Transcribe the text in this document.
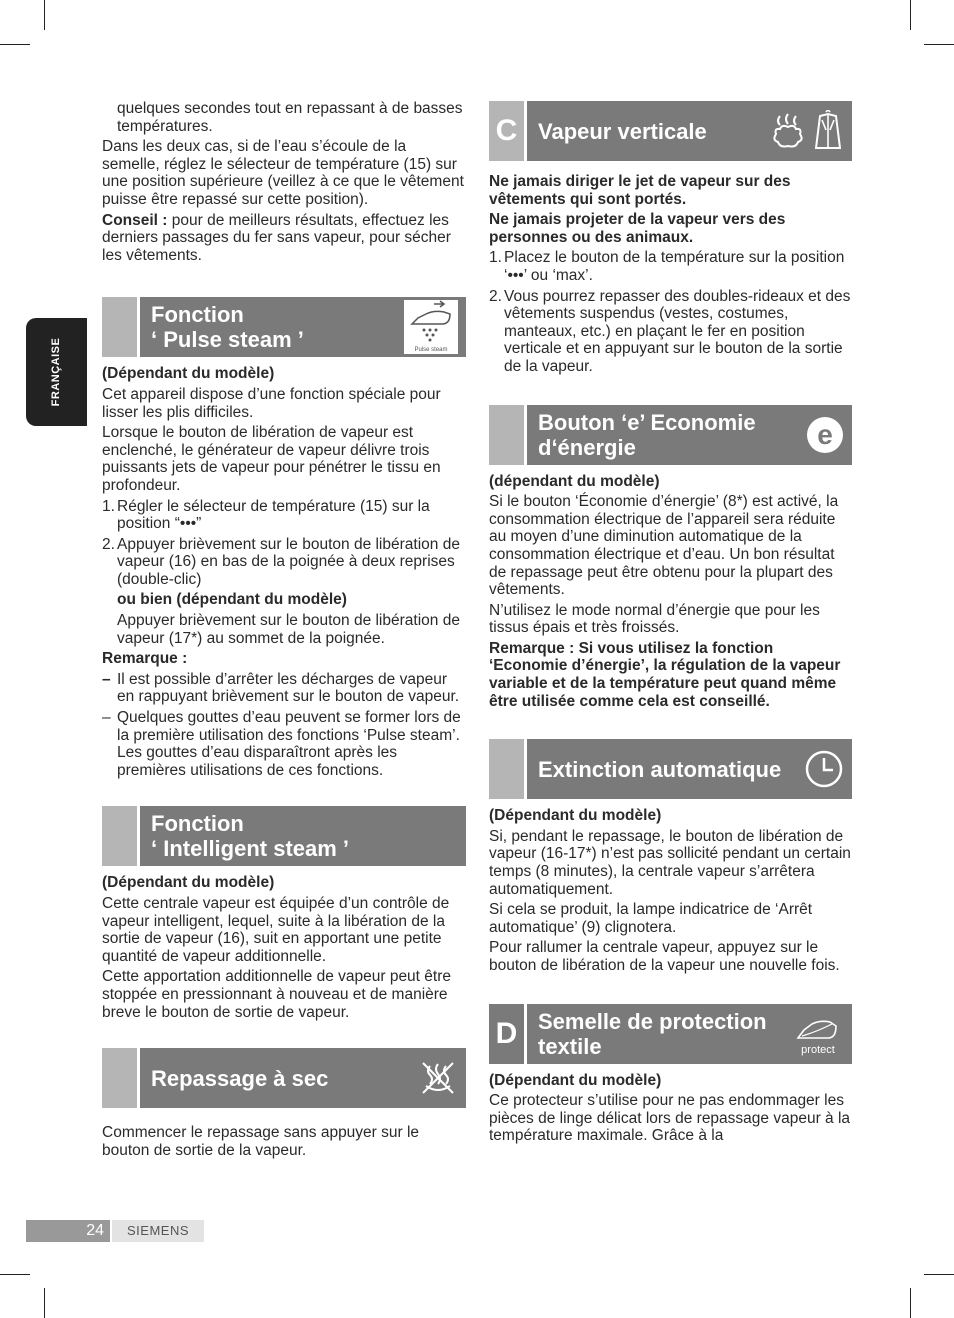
FRANÇAISE

quelques secondes tout en repassant à de basses températures.

Dans les deux cas, si de l’eau s’écoule de la semelle, réglez le sélecteur de température (15) sur une position supérieure (veillez à ce que le vêtement puisse être repassé sur cette position).

Conseil : pour de meilleurs résultats, effectuez les derniers passages du fer sans vapeur, pour sécher les vêtements.

Fonction
‘ Pulse steam ’	Pulse steam

(Dépendant du modèle)

Cet appareil dispose d’une fonction spéciale pour lisser les plis difficiles.

Lorsque le bouton de libération de vapeur est enclenché, le générateur de vapeur délivre trois puissants jets de vapeur pour pénétrer le tissu en profondeur.

1. Régler le sélecteur de température (15) sur la position “•••”
2. Appuyer brièvement sur le bouton de libération de vapeur (16) en bas de la poignée à deux reprises (double-clic)

ou bien (dépendant du modèle)

Appuyer brièvement sur le bouton de libération de vapeur (17*) au sommet de la poignée.

Remarque :

– Il est possible d’arrêter les décharges de vapeur en rappuyant brièvement sur le bouton de vapeur.
– Quelques gouttes d’eau peuvent se former lors de la première utilisation des fonctions ‘Pulse steam’. Les gouttes d’eau disparaîtront après les premières utilisations de ces fonctions.
Fonction
‘ Intelligent steam ’

(Dépendant du modèle)

Cette centrale vapeur est équipée d’un contrôle de vapeur intelligent, lequel, suite à la libération de la sortie de vapeur (16), suit en apportant une petite quantité de vapeur additionnelle.

Cette apportation additionnelle de vapeur peut être stoppée en pressionnant à nouveau et de manière breve le bouton de sortie de vapeur.

Repassage à sec

Commencer le repassage sans appuyer sur le bouton de sortie de la vapeur.

C Vapeur verticale

Ne jamais diriger le jet de vapeur sur des vêtements qui sont portés.

Ne jamais projeter de la vapeur vers des personnes ou des animaux.

1. Placez le bouton de la température sur la position ‘•••’ ou ‘max’.
2. Vous pourrez repasser des doubles-rideaux et des vêtements suspendus (vestes, costumes, manteaux, etc.) en plaçant le fer en position verticale et en appuyant sur le bouton de la sortie de la vapeur.
Bouton ‘e’ Economie
d‘énergie	e

(dépendant du modèle)

Si le bouton ‘Économie d’énergie’ (8*) est activé, la consommation électrique de l’appareil sera réduite au moyen d’une diminution automatique de la consommation électrique et d’eau. Un bon résultat de repassage peut être obtenu pour la plupart des vêtements.

N’utilisez le mode normal d’énergie que pour les tissus épais et très froissés.

Remarque : Si vous utilisez la fonction ‘Economie d’énergie’, la régulation de la vapeur variable et de la température peut quand même être utilisée comme cela est conseillé.

Extinction automatique

(Dépendant du modèle)

Si, pendant le repassage, le bouton de libération de vapeur (16-17*) n’est pas sollicité pendant un certain temps (8 minutes), la centrale vapeur s’arrêtera automatiquement.

Si cela se produit, la lampe indicatrice de ‘Arrêt automatique’ (9) clignotera.

Pour rallumer la centrale vapeur, appuyez sur le bouton de libération de la vapeur une nouvelle fois.

D Semelle de protection
textile	protect

(Dépendant du modèle)

Ce protecteur s’utilise pour ne pas endommager les pièces de linge délicat lors de repassage vapeur à la température maximale. Grâce à la

24	SIEMENS
